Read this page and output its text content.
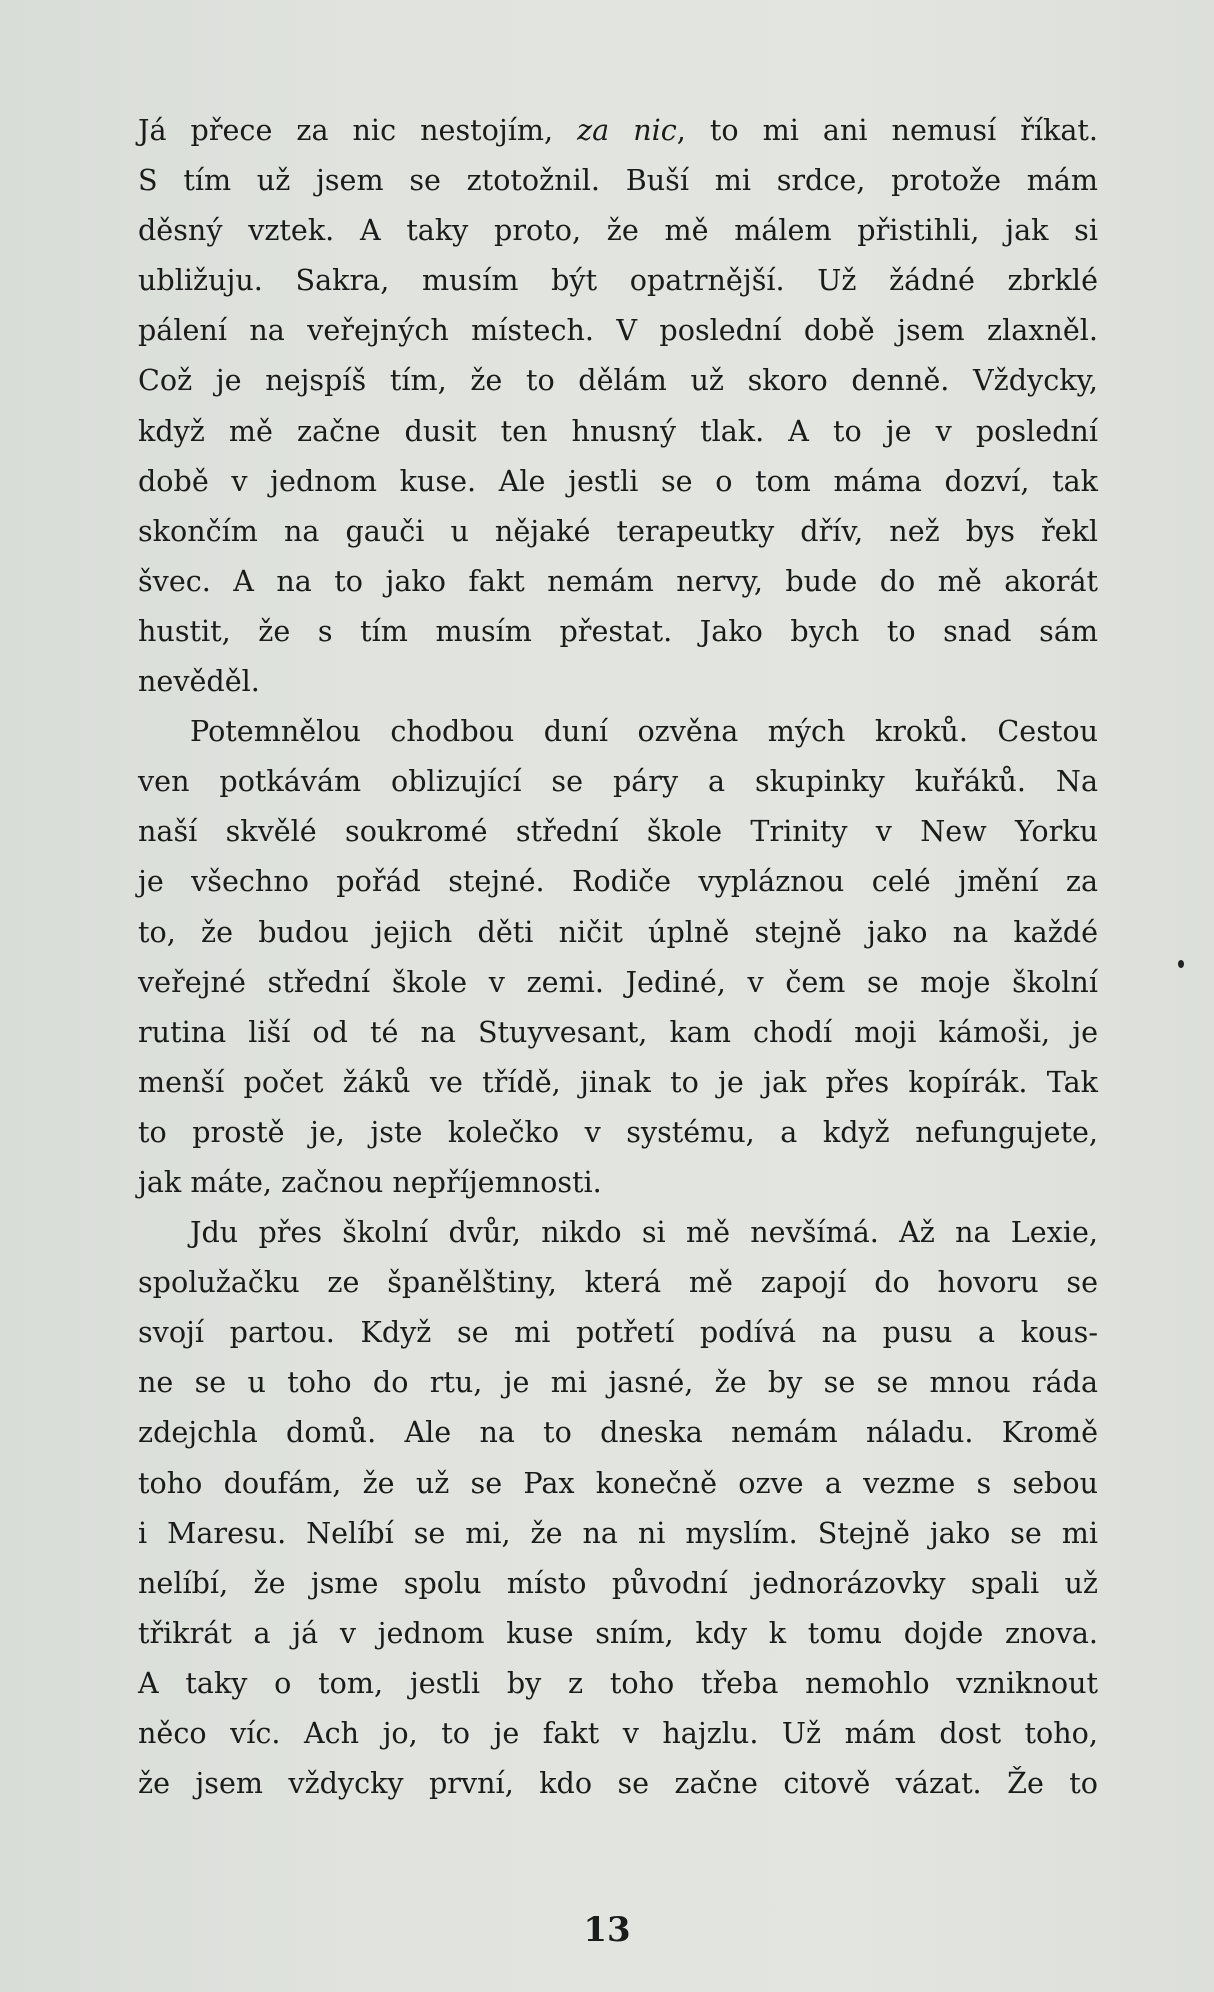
Já přece za nic nestojím, za nic, to mi ani nemusí říkat.
S tím už jsem se ztotožnil. Buší mi srdce, protože mám
děsný vztek. A taky proto, že mě málem přistihli, jak si
ubližuju. Sakra, musím být opatrnější. Už žádné zbrklé
pálení na veřejných místech. V poslední době jsem zlaxněl.
Což je nejspíš tím, že to dělám už skoro denně. Vždycky,
když mě začne dusit ten hnusný tlak. A to je v poslední
době v jednom kuse. Ale jestli se o tom máma dozví, tak
skončím na gauči u nějaké terapeutky dřív, než bys řekl
švec. A na to jako fakt nemám nervy, bude do mě akorát
hustit, že s tím musím přestat. Jako bych to snad sám
nevěděl.
Potemnělou chodbou duní ozvěna mých kroků. Cestou
ven potkávám oblizující se páry a skupinky kuřáků. Na
naší skvělé soukromé střední škole Trinity v New Yorku
je všechno pořád stejné. Rodiče vypláznou celé jmění za
to, že budou jejich děti ničit úplně stejně jako na každé
veřejné střední škole v zemi. Jediné, v čem se moje školní
rutina liší od té na Stuyvesant, kam chodí moji kámoši, je
menší počet žáků ve třídě, jinak to je jak přes kopírák. Tak
to prostě je, jste kolečko v systému, a když nefungujete,
jak máte, začnou nepříjemnosti.
Jdu přes školní dvůr, nikdo si mě nevšímá. Až na Lexie,
spolužačku ze španělštiny, která mě zapojí do hovoru se
svojí partou. Když se mi potřetí podívá na pusu a kous-
ne se u toho do rtu, je mi jasné, že by se se mnou ráda
zdejchla domů. Ale na to dneska nemám náladu. Kromě
toho doufám, že už se Pax konečně ozve a vezme s sebou
i Maresu. Nelíbí se mi, že na ni myslím. Stejně jako se mi
nelíbí, že jsme spolu místo původní jednorázovky spali už
třikrát a já v jednom kuse sním, kdy k tomu dojde znova.
A taky o tom, jestli by z toho třeba nemohlo vzniknout
něco víc. Ach jo, to je fakt v hajzlu. Už mám dost toho,
že jsem vždycky první, kdo se začne citově vázat. Že to
13
